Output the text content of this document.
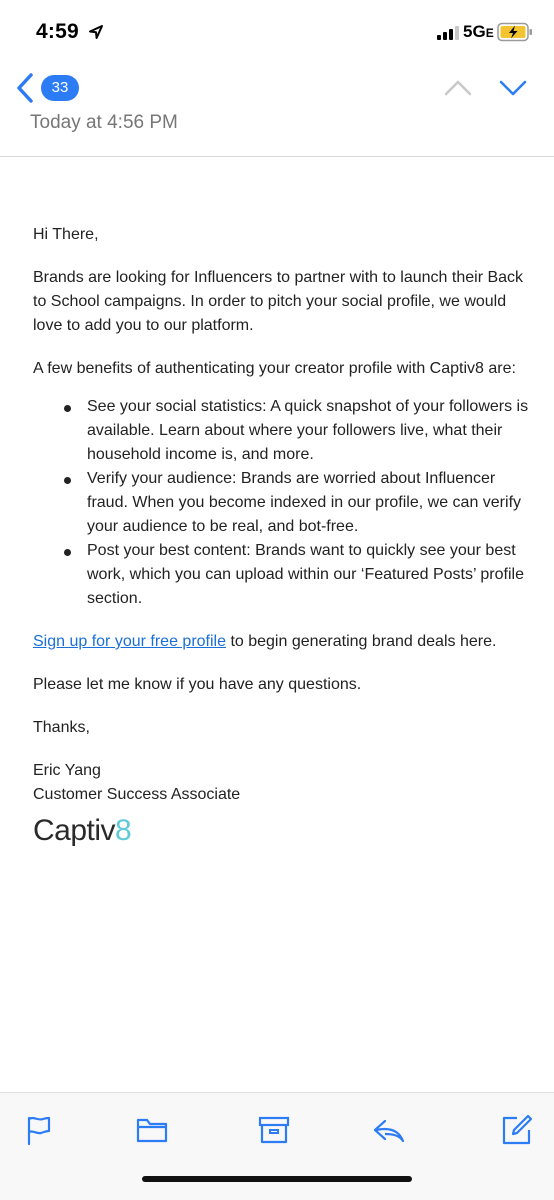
4:59	5GE
33
Today at 4:56 PM

Hi There,

Brands are looking for Influencers to partner with to launch their Back to School campaigns. In order to pitch your social profile, we would love to add you to our platform.

A few benefits of authenticating your creator profile with Captiv8 are:

See your social statistics: A quick snapshot of your followers is available. Learn about where your followers live, what their household income is, and more.
Verify your audience: Brands are worried about Influencer fraud. When you become indexed in our profile, we can verify your audience to be real, and bot-free.
Post your best content: Brands want to quickly see your best work, which you can upload within our ‘Featured Posts’ profile section.

Sign up for your free profile to begin generating brand deals here.

Please let me know if you have any questions.

Thanks,

Eric Yang

Customer Success Associate

Captiv8
